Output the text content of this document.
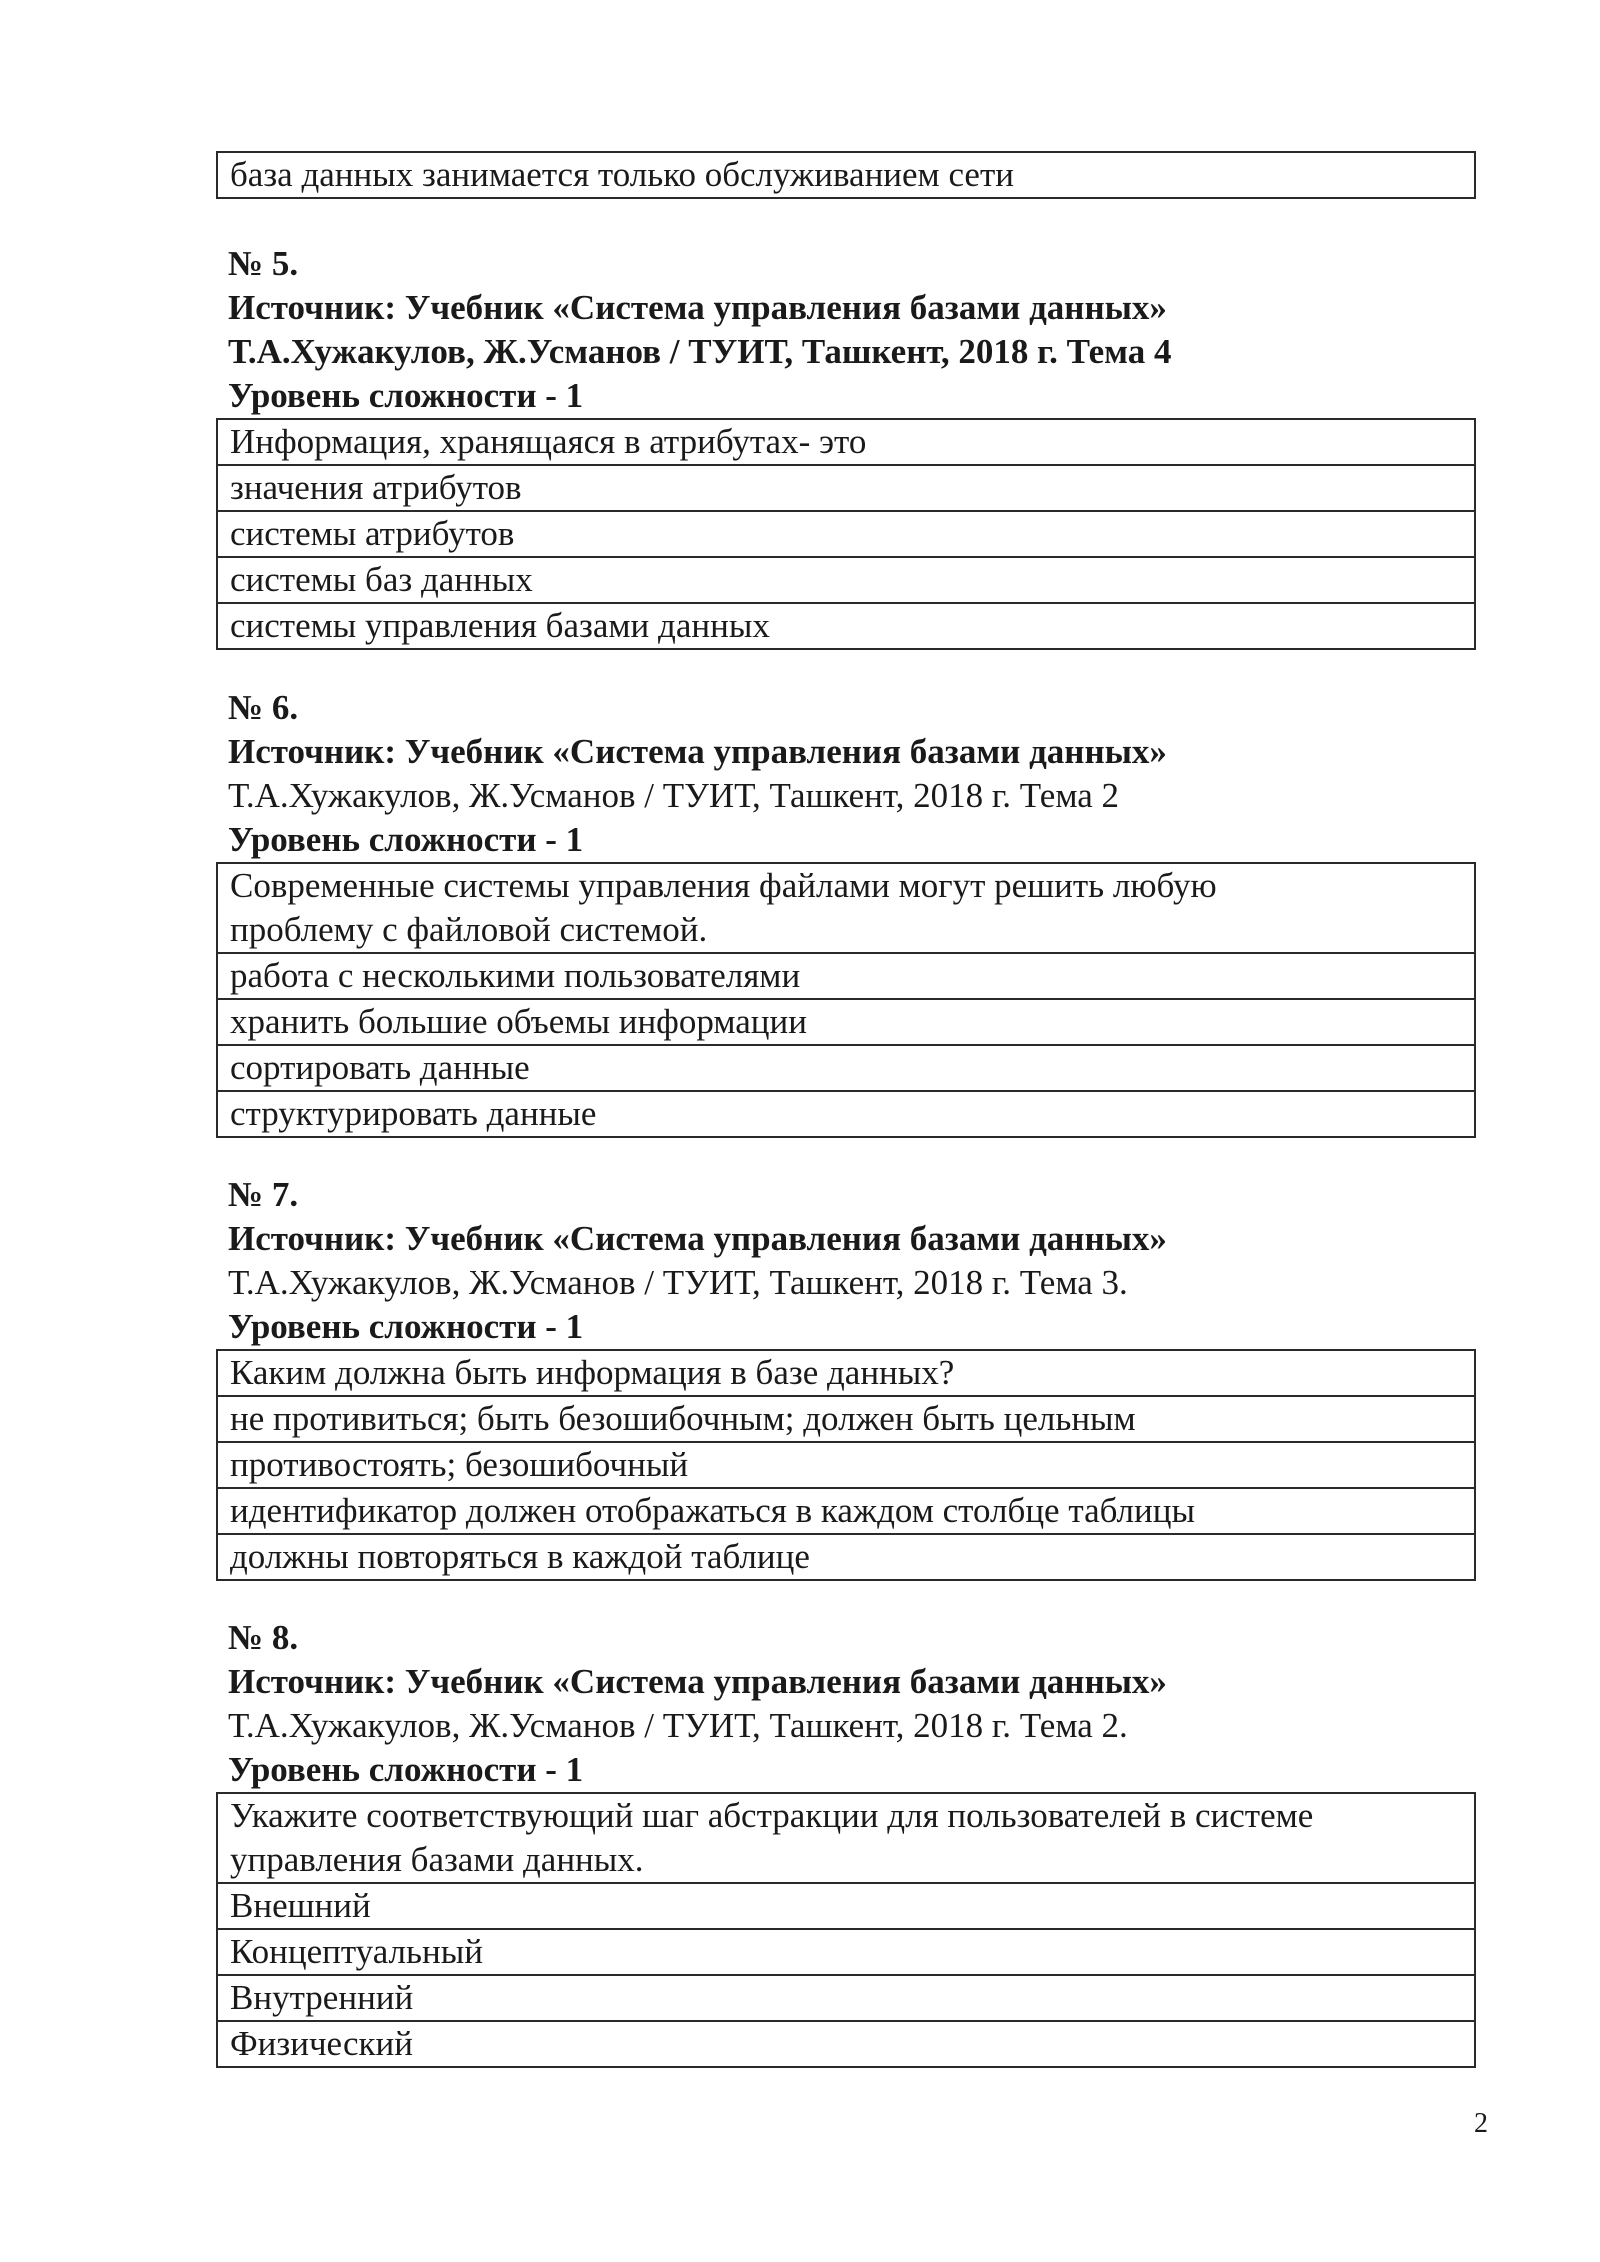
база данных занимается только обслуживанием сети
№ 5.
Источник: Учебник «Система управления базами данных»
Т.А.Хужакулов, Ж.Усманов / ТУИТ, Ташкент, 2018 г. Тема 4
Уровень сложности - 1
Информация, хранящаяся в атрибутах- это
значения атрибутов
системы атрибутов
системы баз данных
системы управления базами данных
№ 6.
Источник: Учебник «Система управления базами данных»
Т.А.Хужакулов, Ж.Усманов / ТУИТ, Ташкент, 2018 г. Тема 2
Уровень сложности - 1
Современные системы управления файлами могут решить любую
проблему с файловой системой.
работа с несколькими пользователями
хранить большие объемы информации
сортировать данные
структурировать данные
№ 7.
Источник: Учебник «Система управления базами данных»
Т.А.Хужакулов, Ж.Усманов / ТУИТ, Ташкент, 2018 г. Тема 3.
Уровень сложности - 1
Каким должна быть информация в базе данных?
не противиться; быть безошибочным; должен быть цельным
противостоять; безошибочный
идентификатор должен отображаться в каждом столбце таблицы
должны повторяться в каждой таблице
№ 8.
Источник: Учебник «Система управления базами данных»
Т.А.Хужакулов, Ж.Усманов / ТУИТ, Ташкент, 2018 г. Тема 2.
Уровень сложности - 1
Укажите соответствующий шаг абстракции для пользователей в системе
управления базами данных.
Внешний
Концептуальный
Внутренний
Физический
2
